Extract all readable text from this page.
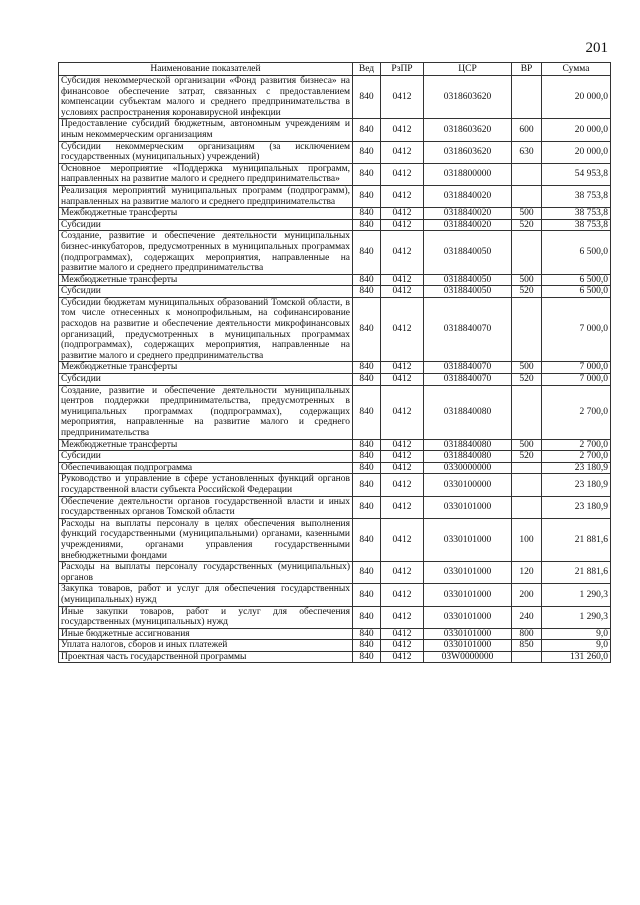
201
Наименование показателей	Вед	РзПР	ЦСР	ВР	Сумма
Субсидия некоммерческой организации «Фонд развития бизнеса» на финансовое обеспечение затрат, связанных с предоставлением компенсации субъектам малого и среднего предпринимательства в условиях распространения коронавирусной инфекции	840	0412	0318603620		20 000,0
Предоставление субсидий бюджетным, автономным учреждениям и иным некоммерческим организациям	840	0412	0318603620	600	20 000,0
Субсидии некоммерческим организациям (за исключением государственных (муниципальных) учреждений)	840	0412	0318603620	630	20 000,0
Основное мероприятие «Поддержка муниципальных программ, направленных на развитие малого и среднего предпринимательства»	840	0412	0318800000		54 953,8
Реализация мероприятий муниципальных программ (подпрограмм), направленных на развитие малого и среднего предпринимательства	840	0412	0318840020		38 753,8
Межбюджетные трансферты	840	0412	0318840020	500	38 753,8
Субсидии	840	0412	0318840020	520	38 753,8
Создание, развитие и обеспечение деятельности муниципальных бизнес-инкубаторов, предусмотренных в муниципальных программах (подпрограммах), содержащих мероприятия, направленные на развитие малого и среднего предпринимательства	840	0412	0318840050		6 500,0
Межбюджетные трансферты	840	0412	0318840050	500	6 500,0
Субсидии	840	0412	0318840050	520	6 500,0
Субсидии бюджетам муниципальных образований Томской области, в том числе отнесенных к монопрофильным, на софинансирование расходов на развитие и обеспечение деятельности микрофинансовых организаций, предусмотренных в муниципальных программах (подпрограммах), содержащих мероприятия, направленные на развитие малого и среднего предпринимательства	840	0412	0318840070		7 000,0
Межбюджетные трансферты	840	0412	0318840070	500	7 000,0
Субсидии	840	0412	0318840070	520	7 000,0
Создание, развитие и обеспечение деятельности муниципальных центров поддержки предпринимательства, предусмотренных в муниципальных программах (подпрограммах), содержащих мероприятия, направленные на развитие малого и среднего предпринимательства	840	0412	0318840080		2 700,0
Межбюджетные трансферты	840	0412	0318840080	500	2 700,0
Субсидии	840	0412	0318840080	520	2 700,0
Обеспечивающая подпрограмма	840	0412	0330000000		23 180,9
Руководство и управление в сфере установленных функций органов государственной власти субъекта Российской Федерации	840	0412	0330100000		23 180,9
Обеспечение деятельности органов государственной власти и иных государственных органов Томской области	840	0412	0330101000		23 180,9
Расходы на выплаты персоналу в целях обеспечения выполнения функций государственными (муниципальными) органами, казенными учреждениями, органами управления государственными внебюджетными фондами	840	0412	0330101000	100	21 881,6
Расходы на выплаты персоналу государственных (муниципальных) органов	840	0412	0330101000	120	21 881,6
Закупка товаров, работ и услуг для обеспечения государственных (муниципальных) нужд	840	0412	0330101000	200	1 290,3
Иные закупки товаров, работ и услуг для обеспечения государственных (муниципальных) нужд	840	0412	0330101000	240	1 290,3
Иные бюджетные ассигнования	840	0412	0330101000	800	9,0
Уплата налогов, сборов и иных платежей	840	0412	0330101000	850	9,0
Проектная часть государственной программы	840	0412	03W0000000		131 260,0
